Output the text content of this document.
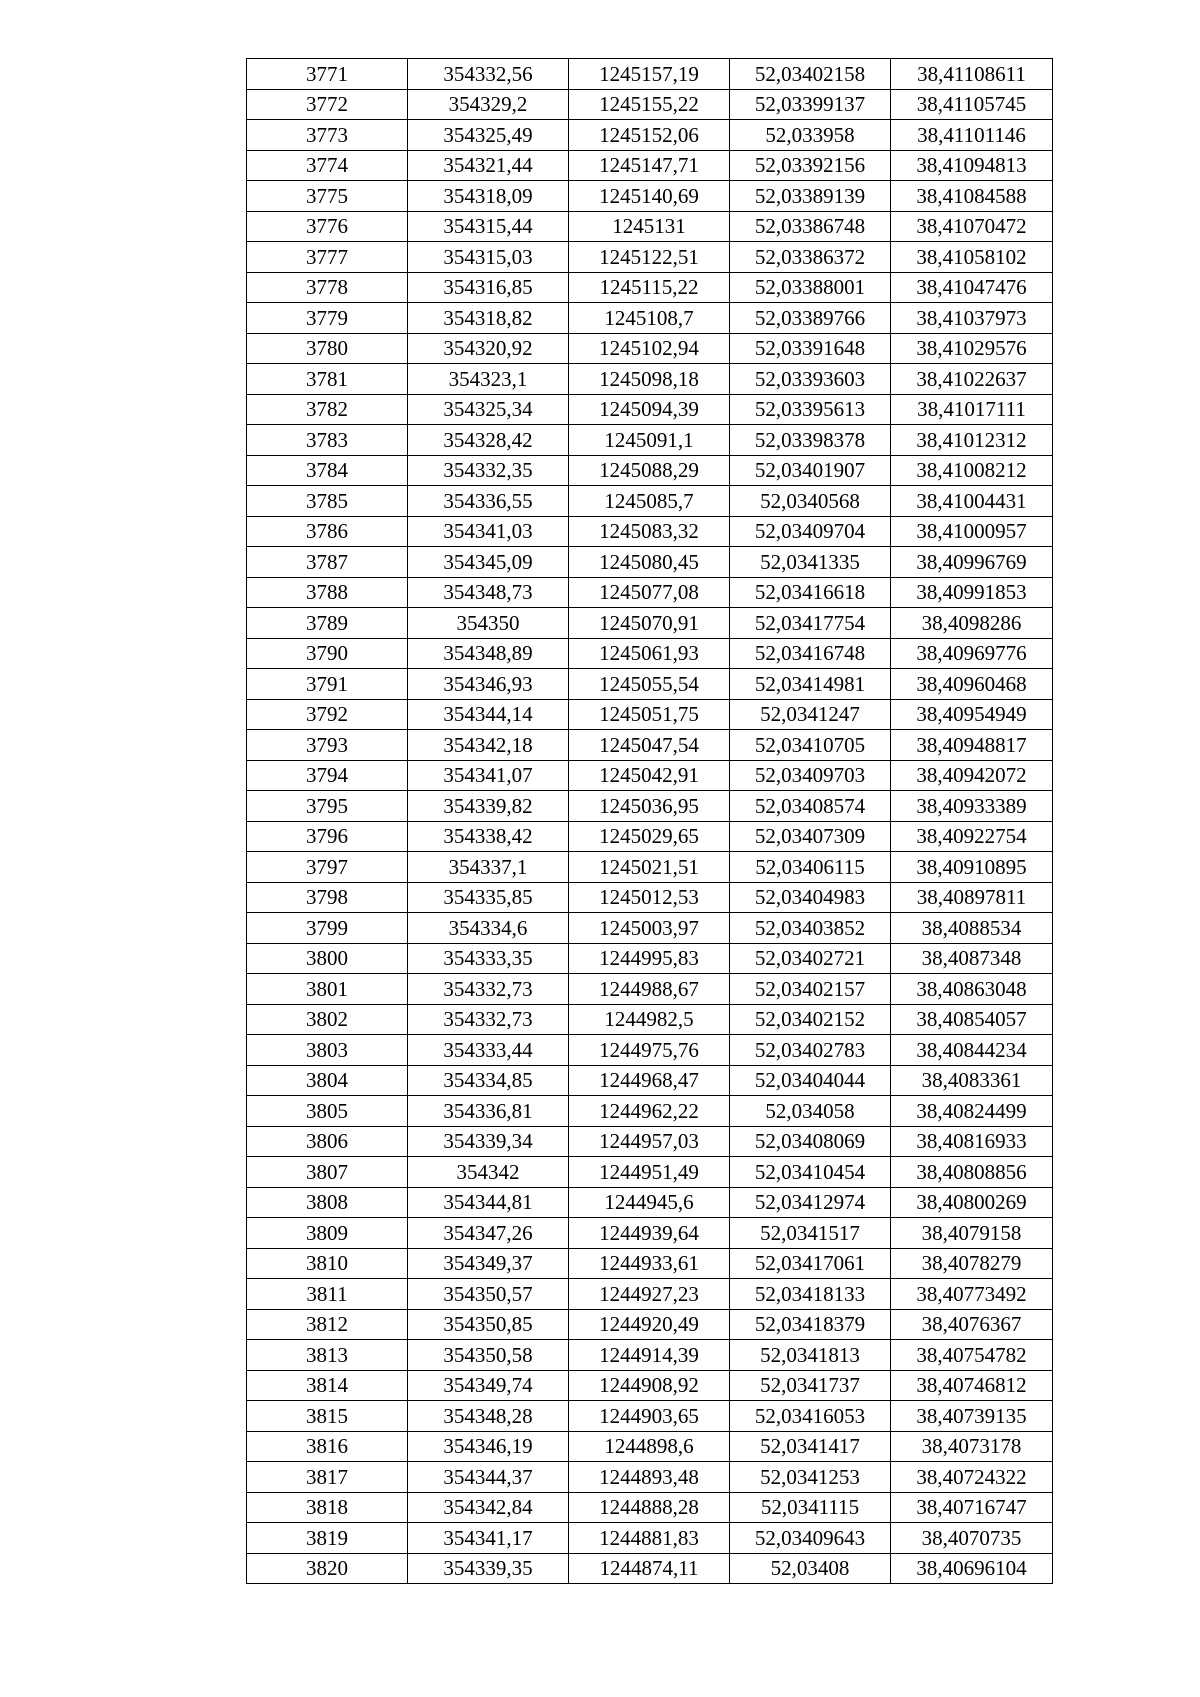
3771	354332,56	1245157,19	52,03402158	38,41108611
3772	354329,2	1245155,22	52,03399137	38,41105745
3773	354325,49	1245152,06	52,033958	38,41101146
3774	354321,44	1245147,71	52,03392156	38,41094813
3775	354318,09	1245140,69	52,03389139	38,41084588
3776	354315,44	1245131	52,03386748	38,41070472
3777	354315,03	1245122,51	52,03386372	38,41058102
3778	354316,85	1245115,22	52,03388001	38,41047476
3779	354318,82	1245108,7	52,03389766	38,41037973
3780	354320,92	1245102,94	52,03391648	38,41029576
3781	354323,1	1245098,18	52,03393603	38,41022637
3782	354325,34	1245094,39	52,03395613	38,41017111
3783	354328,42	1245091,1	52,03398378	38,41012312
3784	354332,35	1245088,29	52,03401907	38,41008212
3785	354336,55	1245085,7	52,0340568	38,41004431
3786	354341,03	1245083,32	52,03409704	38,41000957
3787	354345,09	1245080,45	52,0341335	38,40996769
3788	354348,73	1245077,08	52,03416618	38,40991853
3789	354350	1245070,91	52,03417754	38,4098286
3790	354348,89	1245061,93	52,03416748	38,40969776
3791	354346,93	1245055,54	52,03414981	38,40960468
3792	354344,14	1245051,75	52,0341247	38,40954949
3793	354342,18	1245047,54	52,03410705	38,40948817
3794	354341,07	1245042,91	52,03409703	38,40942072
3795	354339,82	1245036,95	52,03408574	38,40933389
3796	354338,42	1245029,65	52,03407309	38,40922754
3797	354337,1	1245021,51	52,03406115	38,40910895
3798	354335,85	1245012,53	52,03404983	38,40897811
3799	354334,6	1245003,97	52,03403852	38,4088534
3800	354333,35	1244995,83	52,03402721	38,4087348
3801	354332,73	1244988,67	52,03402157	38,40863048
3802	354332,73	1244982,5	52,03402152	38,40854057
3803	354333,44	1244975,76	52,03402783	38,40844234
3804	354334,85	1244968,47	52,03404044	38,4083361
3805	354336,81	1244962,22	52,034058	38,40824499
3806	354339,34	1244957,03	52,03408069	38,40816933
3807	354342	1244951,49	52,03410454	38,40808856
3808	354344,81	1244945,6	52,03412974	38,40800269
3809	354347,26	1244939,64	52,0341517	38,4079158
3810	354349,37	1244933,61	52,03417061	38,4078279
3811	354350,57	1244927,23	52,03418133	38,40773492
3812	354350,85	1244920,49	52,03418379	38,4076367
3813	354350,58	1244914,39	52,0341813	38,40754782
3814	354349,74	1244908,92	52,0341737	38,40746812
3815	354348,28	1244903,65	52,03416053	38,40739135
3816	354346,19	1244898,6	52,0341417	38,4073178
3817	354344,37	1244893,48	52,0341253	38,40724322
3818	354342,84	1244888,28	52,0341115	38,40716747
3819	354341,17	1244881,83	52,03409643	38,4070735
3820	354339,35	1244874,11	52,03408	38,40696104
